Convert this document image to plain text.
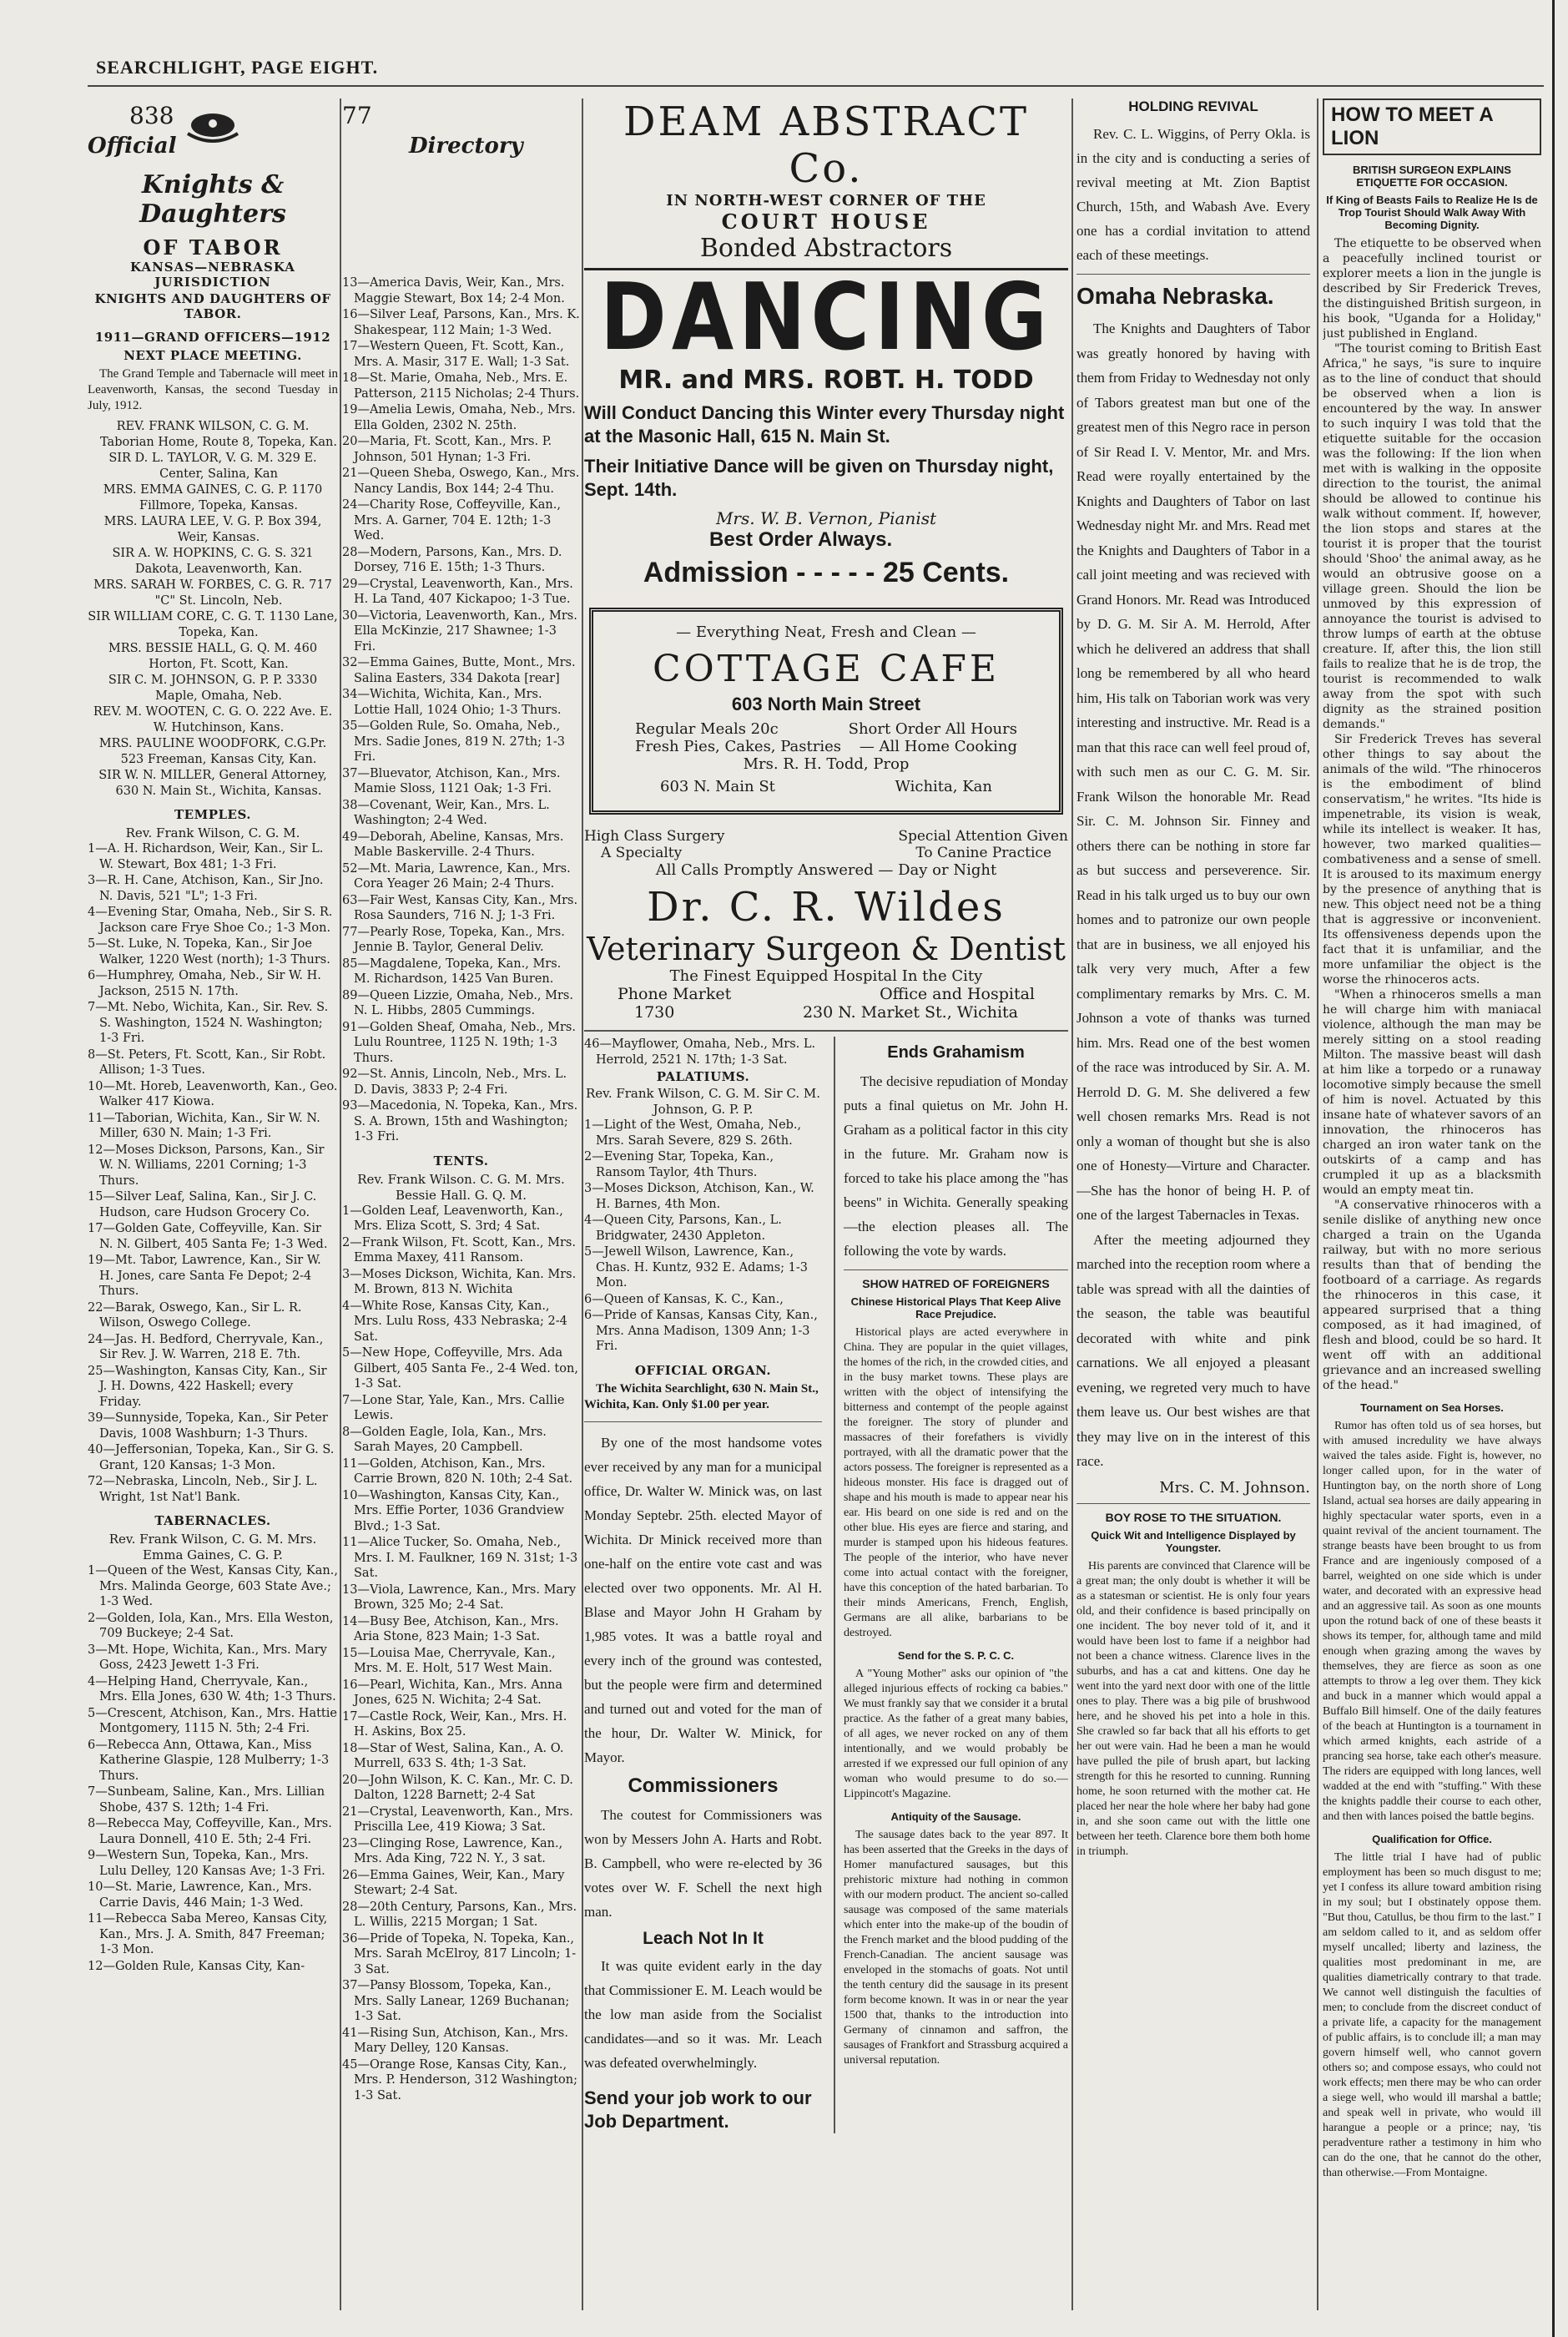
SEARCHLIGHT, PAGE EIGHT.
838
Official
Knights & Daughters
OF TABOR
KANSAS—NEBRASKA JURISDICTION
KNIGHTS AND DAUGHTERS OF TABOR.
1911—GRAND OFFICERS—1912
NEXT PLACE MEETING.

The Grand Temple and Tabernacle will meet in Leavenworth, Kansas, the second Tuesday in July, 1912.

REV. FRANK WILSON, C. G. M. Taborian Home, Route 8, Topeka, Kan.
SIR D. L. TAYLOR, V. G. M. 329 E. Center, Salina, Kan
MRS. EMMA GAINES, C. G. P. 1170 Fillmore, Topeka, Kansas.
MRS. LAURA LEE, V. G. P. Box 394, Weir, Kansas.
SIR A. W. HOPKINS, C. G. S. 321 Dakota, Leavenworth, Kan.
MRS. SARAH W. FORBES, C. G. R. 717 "C" St. Lincoln, Neb.
SIR WILLIAM CORE, C. G. T. 1130 Lane, Topeka, Kan.
MRS. BESSIE HALL, G. Q. M. 460 Horton, Ft. Scott, Kan.
SIR C. M. JOHNSON, G. P. P. 3330 Maple, Omaha, Neb.
REV. M. WOOTEN, C. G. O. 222 Ave. E. W. Hutchinson, Kans.
MRS. PAULINE WOODFORK, C.G.Pr. 523 Freeman, Kansas City, Kan.
SIR W. N. MILLER, General Attorney, 630 N. Main St., Wichita, Kansas.
TEMPLES.
Rev. Frank Wilson, C. G. M.
1—A. H. Richardson, Weir, Kan., Sir L. W. Stewart, Box 481; 1-3 Fri.
3—R. H. Cane, Atchison, Kan., Sir Jno. N. Davis, 521 "L"; 1-3 Fri.
4—Evening Star, Omaha, Neb., Sir S. R. Jackson care Frye Shoe Co.; 1-3 Mon.
5—St. Luke, N. Topeka, Kan., Sir Joe Walker, 1220 West (north); 1-3 Thurs.
6—Humphrey, Omaha, Neb., Sir W. H. Jackson, 2515 N. 17th.
7—Mt. Nebo, Wichita, Kan., Sir. Rev. S. S. Washington, 1524 N. Washington; 1-3 Fri.
8—St. Peters, Ft. Scott, Kan., Sir Robt. Allison; 1-3 Tues.
10—Mt. Horeb, Leavenworth, Kan., Geo. Walker 417 Kiowa.
11—Taborian, Wichita, Kan., Sir W. N. Miller, 630 N. Main; 1-3 Fri.
12—Moses Dickson, Parsons, Kan., Sir W. N. Williams, 2201 Corning; 1-3 Thurs.
15—Silver Leaf, Salina, Kan., Sir J. C. Hudson, care Hudson Grocery Co.
17—Golden Gate, Coffeyville, Kan. Sir N. N. Gilbert, 405 Santa Fe; 1-3 Wed.
19—Mt. Tabor, Lawrence, Kan., Sir W. H. Jones, care Santa Fe Depot; 2-4 Thurs.
22—Barak, Oswego, Kan., Sir L. R. Wilson, Oswego College.
24—Jas. H. Bedford, Cherryvale, Kan., Sir Rev. J. W. Warren, 218 E. 7th.
25—Washington, Kansas City, Kan., Sir J. H. Downs, 422 Haskell; every Friday.
39—Sunnyside, Topeka, Kan., Sir Peter Davis, 1008 Washburn; 1-3 Thurs.
40—Jeffersonian, Topeka, Kan., Sir G. S. Grant, 120 Kansas; 1-3 Mon.
72—Nebraska, Lincoln, Neb., Sir J. L. Wright, 1st Nat'l Bank.
TABERNACLES.
Rev. Frank Wilson, C. G. M. Mrs. Emma Gaines, C. G. P.
1—Queen of the West, Kansas City, Kan., Mrs. Malinda George, 603 State Ave.; 1-3 Wed.
2—Golden, Iola, Kan., Mrs. Ella Weston, 709 Buckeye; 2-4 Sat.
3—Mt. Hope, Wichita, Kan., Mrs. Mary Goss, 2423 Jewett 1-3 Fri.
4—Helping Hand, Cherryvale, Kan., Mrs. Ella Jones, 630 W. 4th; 1-3 Thurs.
5—Crescent, Atchison, Kan., Mrs. Hattie Montgomery, 1115 N. 5th; 2-4 Fri.
6—Rebecca Ann, Ottawa, Kan., Miss Katherine Glaspie, 128 Mulberry; 1-3 Thurs.
7—Sunbeam, Saline, Kan., Mrs. Lillian Shobe, 437 S. 12th; 1-4 Fri.
8—Rebecca May, Coffeyville, Kan., Mrs. Laura Donnell, 410 E. 5th; 2-4 Fri.
9—Western Sun, Topeka, Kan., Mrs. Lulu Delley, 120 Kansas Ave; 1-3 Fri.
10—St. Marie, Lawrence, Kan., Mrs. Carrie Davis, 446 Main; 1-3 Wed.
11—Rebecca Saba Mereo, Kansas City, Kan., Mrs. J. A. Smith, 847 Freeman; 1-3 Mon.
12—Golden Rule, Kansas City, Kan-
77
Directory
13—America Davis, Weir, Kan., Mrs. Maggie Stewart, Box 14; 2-4 Mon.
16—Silver Leaf, Parsons, Kan., Mrs. K. Shakespear, 112 Main; 1-3 Wed.
17—Western Queen, Ft. Scott, Kan., Mrs. A. Masir, 317 E. Wall; 1-3 Sat.
18—St. Marie, Omaha, Neb., Mrs. E. Patterson, 2115 Nicholas; 2-4 Thurs.
19—Amelia Lewis, Omaha, Neb., Mrs. Ella Golden, 2302 N. 25th.
20—Maria, Ft. Scott, Kan., Mrs. P. Johnson, 501 Hynan; 1-3 Fri.
21—Queen Sheba, Oswego, Kan., Mrs. Nancy Landis, Box 144; 2-4 Thu.
24—Charity Rose, Coffeyville, Kan., Mrs. A. Garner, 704 E. 12th; 1-3 Wed.
28—Modern, Parsons, Kan., Mrs. D. Dorsey, 716 E. 15th; 1-3 Thurs.
29—Crystal, Leavenworth, Kan., Mrs. H. La Tand, 407 Kickapoo; 1-3 Tue.
30—Victoria, Leavenworth, Kan., Mrs. Ella McKinzie, 217 Shawnee; 1-3 Fri.
32—Emma Gaines, Butte, Mont., Mrs. Salina Easters, 334 Dakota [rear]
34—Wichita, Wichita, Kan., Mrs. Lottie Hall, 1024 Ohio; 1-3 Thurs.
35—Golden Rule, So. Omaha, Neb., Mrs. Sadie Jones, 819 N. 27th; 1-3 Fri.
37—Bluevator, Atchison, Kan., Mrs. Mamie Sloss, 1121 Oak; 1-3 Fri.
38—Covenant, Weir, Kan., Mrs. L. Washington; 2-4 Wed.
49—Deborah, Abeline, Kansas, Mrs. Mable Baskerville. 2-4 Thurs.
52—Mt. Maria, Lawrence, Kan., Mrs. Cora Yeager 26 Main; 2-4 Thurs.
63—Fair West, Kansas City, Kan., Mrs. Rosa Saunders, 716 N. J; 1-3 Fri.
77—Pearly Rose, Topeka, Kan., Mrs. Jennie B. Taylor, General Deliv.
85—Magdalene, Topeka, Kan., Mrs. M. Richardson, 1425 Van Buren.
89—Queen Lizzie, Omaha, Neb., Mrs. N. L. Hibbs, 2805 Cummings.
91—Golden Sheaf, Omaha, Neb., Mrs. Lulu Rountree, 1125 N. 19th; 1-3 Thurs.
92—St. Annis, Lincoln, Neb., Mrs. L. D. Davis, 3833 P; 2-4 Fri.
93—Macedonia, N. Topeka, Kan., Mrs. S. A. Brown, 15th and Washington; 1-3 Fri.
TENTS.
Rev. Frank Wilson. C. G. M. Mrs. Bessie Hall. G. Q. M.
1—Golden Leaf, Leavenworth, Kan., Mrs. Eliza Scott, S. 3rd; 4 Sat.
2—Frank Wilson, Ft. Scott, Kan., Mrs. Emma Maxey, 411 Ransom.
3—Moses Dickson, Wichita, Kan. Mrs. M. Brown, 813 N. Wichita
4—White Rose, Kansas City, Kan., Mrs. Lulu Ross, 433 Nebraska; 2-4 Sat.
5—New Hope, Coffeyville, Mrs. Ada Gilbert, 405 Santa Fe., 2-4 Wed. ton, 1-3 Sat.
7—Lone Star, Yale, Kan., Mrs. Callie Lewis.
8—Golden Eagle, Iola, Kan., Mrs. Sarah Mayes, 20 Campbell.
11—Golden, Atchison, Kan., Mrs. Carrie Brown, 820 N. 10th; 2-4 Sat.
10—Washington, Kansas City, Kan., Mrs. Effie Porter, 1036 Grandview Blvd.; 1-3 Sat.
11—Alice Tucker, So. Omaha, Neb., Mrs. I. M. Faulkner, 169 N. 31st; 1-3 Sat.
13—Viola, Lawrence, Kan., Mrs. Mary Brown, 325 Mo; 2-4 Sat.
14—Busy Bee, Atchison, Kan., Mrs. Aria Stone, 823 Main; 1-3 Sat.
15—Louisa Mae, Cherryvale, Kan., Mrs. M. E. Holt, 517 West Main.
16—Pearl, Wichita, Kan., Mrs. Anna Jones, 625 N. Wichita; 2-4 Sat.
17—Castle Rock, Weir, Kan., Mrs. H. H. Askins, Box 25.
18—Star of West, Salina, Kan., A. O. Murrell, 633 S. 4th; 1-3 Sat.
20—John Wilson, K. C. Kan., Mr. C. D. Dalton, 1228 Barnett; 2-4 Sat
21—Crystal, Leavenworth, Kan., Mrs. Priscilla Lee, 419 Kiowa; 3 Sat.
23—Clinging Rose, Lawrence, Kan., Mrs. Ada King, 722 N. Y., 3 sat.
26—Emma Gaines, Weir, Kan., Mary Stewart; 2-4 Sat.
28—20th Century, Parsons, Kan., Mrs. L. Willis, 2215 Morgan; 1 Sat.
36—Pride of Topeka, N. Topeka, Kan., Mrs. Sarah McElroy, 817 Lincoln; 1-3 Sat.
37—Pansy Blossom, Topeka, Kan., Mrs. Sally Lanear, 1269 Buchanan; 1-3 Sat.
41—Rising Sun, Atchison, Kan., Mrs. Mary Delley, 120 Kansas.
45—Orange Rose, Kansas City, Kan., Mrs. P. Henderson, 312 Washington; 1-3 Sat.
DEAM ABSTRACT Co.
IN NORTH-WEST CORNER OF THE
COURT HOUSE
Bonded Abstractors
DANCING
MR. and MRS. ROBT. H. TODD

Will Conduct Dancing this Winter every Thursday night at the Masonic Hall, 615 N. Main St.

Their Initiative Dance will be given on Thursday night, Sept. 14th.

Mrs. W. B. Vernon, Pianist
Best Order Always.
Admission - - - - - 25 Cents.
— Everything Neat, Fresh and Clean —
COTTAGE CAFE
603 North Main Street
Regular Meals 20c	Short Order All Hours
Fresh Pies, Cakes, Pastries — All Home Cooking
Mrs. R. H. Todd, Prop
603 N. Main St	Wichita, Kan
High Class Surgery	Special Attention Given
A Specialty	To Canine Practice
All Calls Promptly Answered — Day or Night
Dr. C. R. Wildes
Veterinary Surgeon & Dentist
The Finest Equipped Hospital In the City
Phone Market	Office and Hospital
1730	230 N. Market St., Wichita
46—Mayflower, Omaha, Neb., Mrs. L. Herrold, 2521 N. 17th; 1-3 Sat.
PALATIUMS.
Rev. Frank Wilson, C. G. M. Sir C. M. Johnson, G. P. P.
1—Light of the West, Omaha, Neb., Mrs. Sarah Severe, 829 S. 26th.
2—Evening Star, Topeka, Kan., Ransom Taylor, 4th Thurs.
3—Moses Dickson, Atchison, Kan., W. H. Barnes, 4th Mon.
4—Queen City, Parsons, Kan., L. Bridgwater, 2430 Appleton.
5—Jewell Wilson, Lawrence, Kan., Chas. H. Kuntz, 932 E. Adams; 1-3 Mon.
6—Queen of Kansas, K. C., Kan.,
6—Pride of Kansas, Kansas City, Kan., Mrs. Anna Madison, 1309 Ann; 1-3 Fri.
OFFICIAL ORGAN.

The Wichita Searchlight, 630 N. Main St., Wichita, Kan. Only $1.00 per year.

By one of the most handsome votes ever received by any man for a municipal office, Dr. Walter W. Minick was, on last Monday Septebr. 25th. elected Mayor of Wichita. Dr Minick received more than one-half on the entire vote cast and was elected over two opponents. Mr. Al H. Blase and Mayor John H Graham by 1,985 votes. It was a battle royal and every inch of the ground was contested, but the people were firm and determined and turned out and voted for the man of the hour, Dr. Walter W. Minick, for Mayor.

Commissioners

The coutest for Commissioners was won by Messers John A. Harts and Robt. B. Campbell, who were re-elected by 36 votes over W. F. Schell the next high man.

Leach Not In It

It was quite evident early in the day that Commissioner E. M. Leach would be the low man aside from the Socialist candidates—and so it was. Mr. Leach was defeated overwhelmingly.

Send your job work to our Job Department.
Ends Grahamism

The decisive repudiation of Monday puts a final quietus on Mr. John H. Graham as a political factor in this city in the future. Mr. Graham now is forced to take his place among the "has beens" in Wichita. Generally speaking—the election pleases all. The following the vote by wards.

SHOW HATRED OF FOREIGNERS
Chinese Historical Plays That Keep Alive Race Prejudice.

Historical plays are acted everywhere in China. They are popular in the quiet villages, the homes of the rich, in the crowded cities, and in the busy market towns. These plays are written with the object of intensifying the bitterness and contempt of the people against the foreigner. The story of plunder and massacres of their forefathers is vividly portrayed, with all the dramatic power that the actors possess. The foreigner is represented as a hideous monster. His face is dragged out of shape and his mouth is made to appear near his ear. His beard on one side is red and on the other blue. His eyes are fierce and staring, and murder is stamped upon his hideous features. The people of the interior, who have never come into actual contact with the foreigner, have this conception of the hated barbarian. To their minds Americans, French, English, Germans are all alike, barbarians to be destroyed.

Send for the S. P. C. C.

A "Young Mother" asks our opinion of "the alleged injurious effects of rocking ca babies." We must frankly say that we consider it a brutal practice. As the father of a great many babies, of all ages, we never rocked on any of them intentionally, and we would probably be arrested if we expressed our full opinion of any woman who would presume to do so.—Lippincott's Magazine.

Antiquity of the Sausage.

The sausage dates back to the year 897. It has been asserted that the Greeks in the days of Homer manufactured sausages, but this prehistoric mixture had nothing in common with our modern product. The ancient so-called sausage was composed of the same materials which enter into the make-up of the boudin of the French market and the blood pudding of the French-Canadian. The ancient sausage was enveloped in the stomachs of goats. Not until the tenth century did the sausage in its present form become known. It was in or near the year 1500 that, thanks to the introduction into Germany of cinnamon and saffron, the sausages of Frankfort and Strassburg acquired a universal reputation.

HOLDING REVIVAL

Rev. C. L. Wiggins, of Perry Okla. is in the city and is conducting a series of revival meeting at Mt. Zion Baptist Church, 15th, and Wabash Ave. Every one has a cordial invitation to attend each of these meetings.

Omaha Nebraska.

The Knights and Daughters of Tabor was greatly honored by having with them from Friday to Wednesday not only of Tabors greatest man but one of the greatest men of this Negro race in person of Sir Read I. V. Mentor, Mr. and Mrs. Read were royally entertained by the Knights and Daughters of Tabor on last Wednesday night Mr. and Mrs. Read met the Knights and Daughters of Tabor in a call joint meeting and was recieved with Grand Honors. Mr. Read was Introduced by D. G. M. Sir A. M. Herrold, After which he delivered an address that shall long be remembered by all who heard him, His talk on Taborian work was very interesting and instructive. Mr. Read is a man that this race can well feel proud of, with such men as our C. G. M. Sir. Frank Wilson the honorable Mr. Read Sir. C. M. Johnson Sir. Finney and others there can be nothing in store far as but success and perseverence. Sir. Read in his talk urged us to buy our own homes and to patronize our own people that are in business, we all enjoyed his talk very very much, After a few complimentary remarks by Mrs. C. M. Johnson a vote of thanks was turned him. Mrs. Read one of the best women of the race was introduced by Sir. A. M. Herrold D. G. M. She delivered a few well chosen remarks Mrs. Read is not only a woman of thought but she is also one of Honesty—Virture and Character.—She has the honor of being H. P. of one of the largest Tabernacles in Texas.

After the meeting adjourned they marched into the reception room where a table was spread with all the dainties of the season, the table was beautiful decorated with white and pink carnations. We all enjoyed a pleasant evening, we regreted very much to have them leave us. Our best wishes are that they may live on in the interest of this race.

Mrs. C. M. Johnson.
BOY ROSE TO THE SITUATION.
Quick Wit and Intelligence Displayed by Youngster.

His parents are convinced that Clarence will be a great man; the only doubt is whether it will be as a statesman or scientist. He is only four years old, and their confidence is based principally on one incident. The boy never told of it, and it would have been lost to fame if a neighbor had not been a chance witness. Clarence lives in the suburbs, and has a cat and kittens. One day he went into the yard next door with one of the little ones to play. There was a big pile of brushwood here, and he shoved his pet into a hole in this. She crawled so far back that all his efforts to get her out were vain. Had he been a man he would have pulled the pile of brush apart, but lacking strength for this he resorted to cunning. Running home, he soon returned with the mother cat. He placed her near the hole where her baby had gone in, and she soon came out with the little one between her teeth. Clarence bore them both home in triumph.

HOW TO MEET A LION
BRITISH SURGEON EXPLAINS ETIQUETTE FOR OCCASION.
If King of Beasts Fails to Realize He Is de Trop Tourist Should Walk Away With Becoming Dignity.
The etiquette to be observed when a peacefully inclined tourist or explorer meets a lion in the jungle is described by Sir Frederick Treves, the distinguished British surgeon, in his book, "Uganda for a Holiday," just published in England.
"The tourist coming to British East Africa," he says, "is sure to inquire as to the line of conduct that should be observed when a lion is encountered by the way. In answer to such inquiry I was told that the etiquette suitable for the occasion was the following: If the lion when met with is walking in the opposite direction to the tourist, the animal should be allowed to continue his walk without comment. If, however, the lion stops and stares at the tourist it is proper that the tourist should 'Shoo' the animal away, as he would an obtrusive goose on a village green. Should the lion be unmoved by this expression of annoyance the tourist is advised to throw lumps of earth at the obtuse creature. If, after this, the lion still fails to realize that he is de trop, the tourist is recommended to walk away from the spot with such dignity as the strained position demands."
Sir Frederick Treves has several other things to say about the animals of the wild. "The rhinoceros is the embodiment of blind conservatism," he writes. "Its hide is impenetrable, its vision is weak, while its intellect is weaker. It has, however, two marked qualities—combativeness and a sense of smell. It is aroused to its maximum energy by the presence of anything that is new. This object need not be a thing that is aggressive or inconvenient. Its offensiveness depends upon the fact that it is unfamiliar, and the more unfamiliar the object is the worse the rhinoceros acts.
"When a rhinoceros smells a man he will charge him with maniacal violence, although the man may be merely sitting on a stool reading Milton. The massive beast will dash at him like a torpedo or a runaway locomotive simply because the smell of him is novel. Actuated by this insane hate of whatever savors of an innovation, the rhinoceros has charged an iron water tank on the outskirts of a camp and has crumpled it up as a blacksmith would an empty meat tin.
"A conservative rhinoceros with a senile dislike of anything new once charged a train on the Uganda railway, but with no more serious results than that of bending the footboard of a carriage. As regards the rhinoceros in this case, it appeared surprised that a thing composed, as it had imagined, of flesh and blood, could be so hard. It went off with an additional grievance and an increased swelling of the head."
Tournament on Sea Horses.

Rumor has often told us of sea horses, but with amused incredulity we have always waived the tales aside. Fight is, however, no longer called upon, for in the water of Huntington bay, on the north shore of Long Island, actual sea horses are daily appearing in highly spectacular water sports, even in a quaint revival of the ancient tournament. The strange beasts have been brought to us from France and are ingeniously composed of a barrel, weighted on one side which is under water, and decorated with an expressive head and an aggressive tail. As soon as one mounts upon the rotund back of one of these beasts it shows its temper, for, although tame and mild enough when grazing among the waves by themselves, they are fierce as soon as one attempts to throw a leg over them. They kick and buck in a manner which would appal a Buffalo Bill himself. One of the daily features of the beach at Huntington is a tournament in which armed knights, each astride of a prancing sea horse, take each other's measure. The riders are equipped with long lances, well wadded at the end with "stuffing." With these the knights paddle their course to each other, and then with lances poised the battle begins.

Qualification for Office.

The little trial I have had of public employment has been so much disgust to me; yet I confess its allure toward ambition rising in my soul; but I obstinately oppose them. "But thou, Catullus, be thou firm to the last." I am seldom called to it, and as seldom offer myself uncalled; liberty and laziness, the qualities most predominant in me, are qualities diametrically contrary to that trade. We cannot well distinguish the faculties of men; to conclude from the discreet conduct of a private life, a capacity for the management of public affairs, is to conclude ill; a man may govern himself well, who cannot govern others so; and compose essays, who could not work effects; men there may be who can order a siege well, who would ill marshal a battle; and speak well in private, who would ill harangue a people or a prince; nay, 'tis peradventure rather a testimony in him who can do the one, that he cannot do the other, than otherwise.—From Montaigne.
